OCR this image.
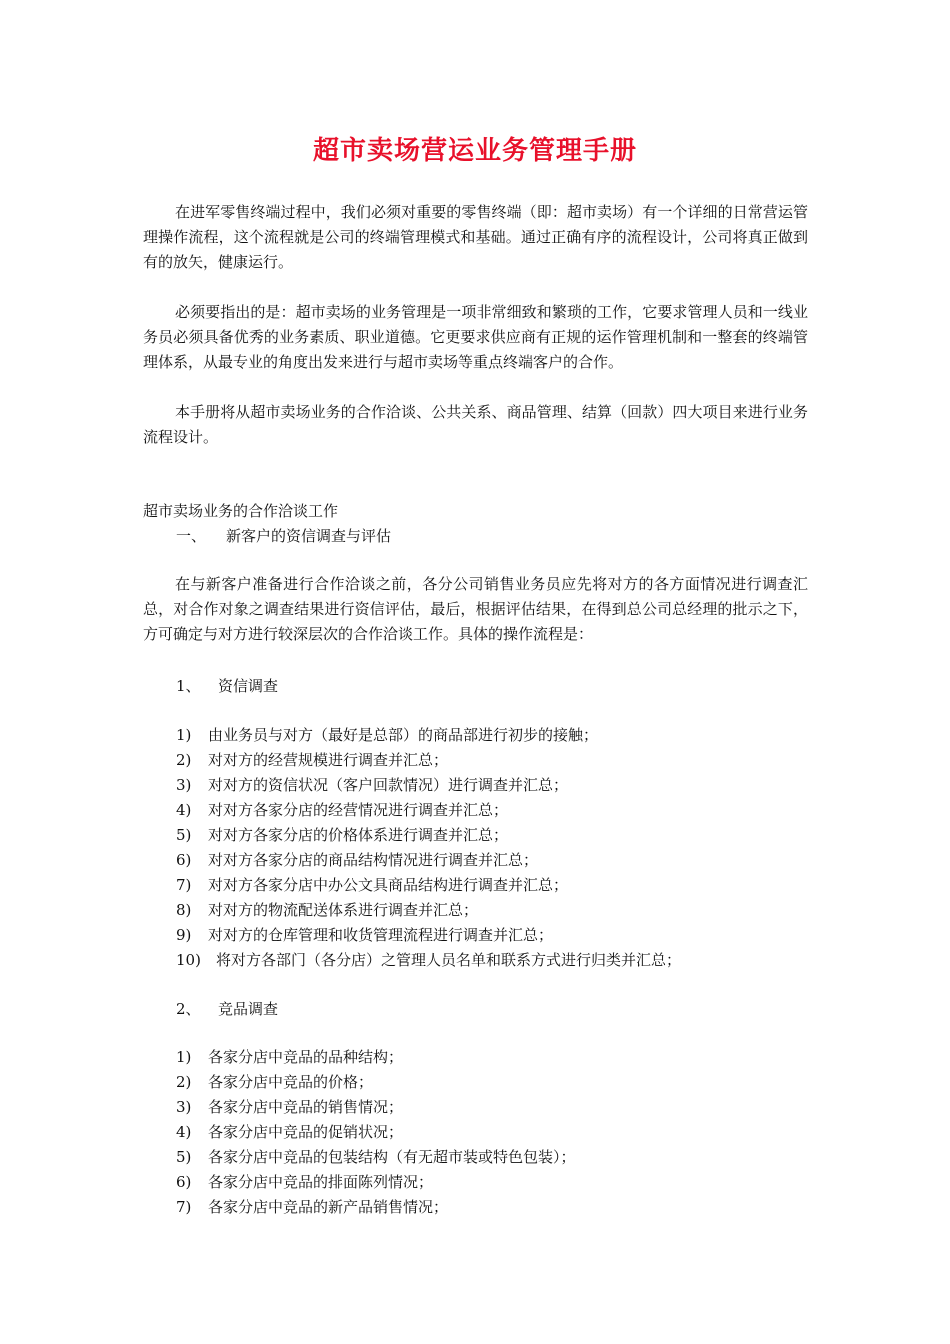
超市卖场营运业务管理手册

在进军零售终端过程中，我们必须对重要的零售终端（即：超市卖场）有一个详细的日常营运管理操作流程，这个流程就是公司的终端管理模式和基础。通过正确有序的流程设计，公司将真正做到有的放矢，健康运行。

必须要指出的是：超市卖场的业务管理是一项非常细致和繁琐的工作，它要求管理人员和一线业务员必须具备优秀的业务素质、职业道德。它更要求供应商有正规的运作管理机制和一整套的终端管理体系，从最专业的角度出发来进行与超市卖场等重点终端客户的合作。

本手册将从超市卖场业务的合作洽谈、公共关系、商品管理、结算（回款）四大项目来进行业务流程设计。

超市卖场业务的合作洽谈工作
一、 新客户的资信调查与评估

在与新客户准备进行合作洽谈之前，各分公司销售业务员应先将对方的各方面情况进行调查汇总，对合作对象之调查结果进行资信评估，最后，根据评估结果，在得到总公司总经理的批示之下，方可确定与对方进行较深层次的合作洽谈工作。具体的操作流程是：

1、 资信调查
1) 由业务员与对方（最好是总部）的商品部进行初步的接触；
2) 对对方的经营规模进行调查并汇总；
3) 对对方的资信状况（客户回款情况）进行调查并汇总；
4) 对对方各家分店的经营情况进行调查并汇总；
5) 对对方各家分店的价格体系进行调查并汇总；
6) 对对方各家分店的商品结构情况进行调查并汇总；
7) 对对方各家分店中办公文具商品结构进行调查并汇总；
8) 对对方的物流配送体系进行调查并汇总；
9) 对对方的仓库管理和收货管理流程进行调查并汇总；
10) 将对方各部门（各分店）之管理人员名单和联系方式进行归类并汇总；
2、 竞品调查
1) 各家分店中竞品的品种结构；
2) 各家分店中竞品的价格；
3) 各家分店中竞品的销售情况；
4) 各家分店中竞品的促销状况；
5) 各家分店中竞品的包装结构（有无超市装或特色包装）；
6) 各家分店中竞品的排面陈列情况；
7) 各家分店中竞品的新产品销售情况；
